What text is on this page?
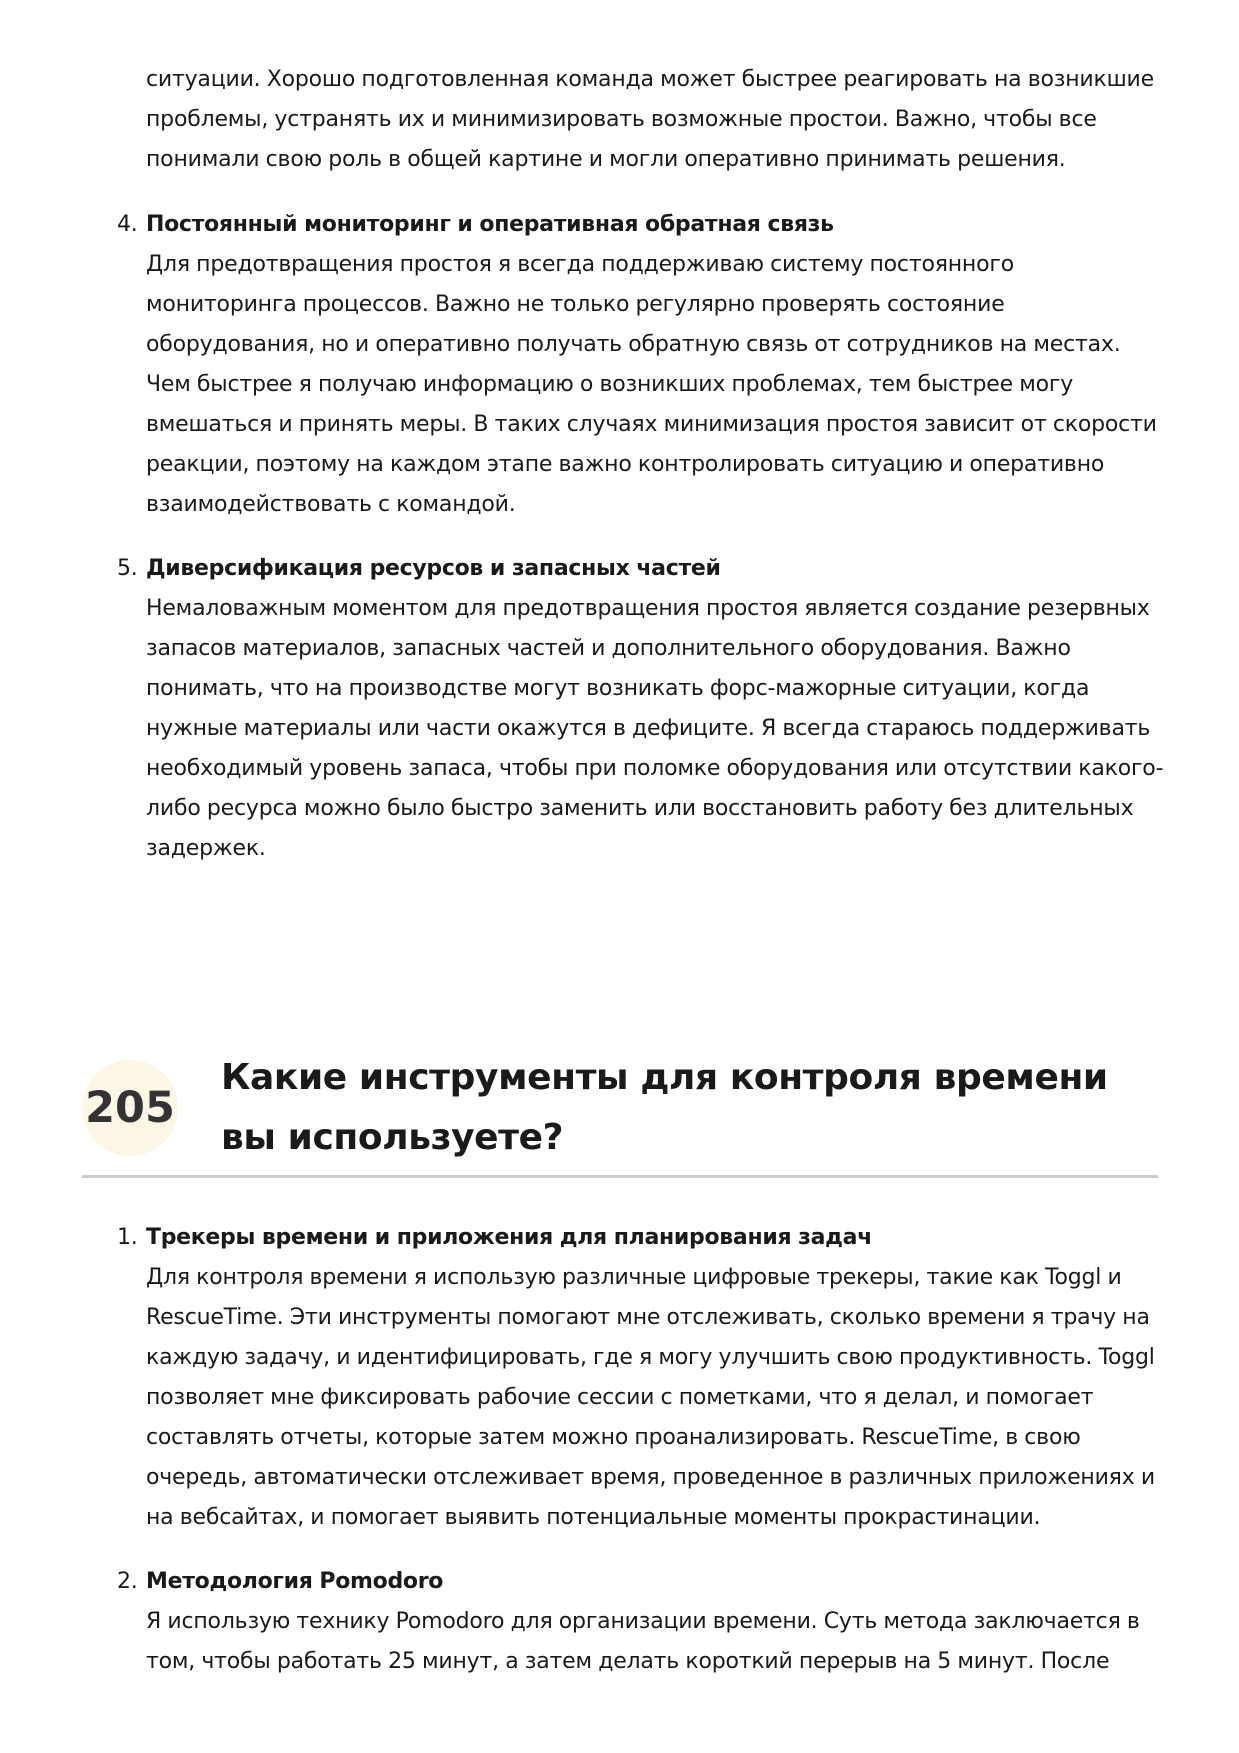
ситуации. Хорошо подготовленная команда может быстрее реагировать на возникшие проблемы, устранять их и минимизировать возможные простои. Важно, чтобы все понимали свою роль в общей картине и могли оперативно принимать решения.

4. Постоянный мониторинг и оперативная обратная связь

Для предотвращения простоя я всегда поддерживаю систему постоянного мониторинга процессов. Важно не только регулярно проверять состояние оборудования, но и оперативно получать обратную связь от сотрудников на местах. Чем быстрее я получаю информацию о возникших проблемах, тем быстрее могу вмешаться и принять меры. В таких случаях минимизация простоя зависит от скорости реакции, поэтому на каждом этапе важно контролировать ситуацию и оперативно взаимодействовать с командой.

5. Диверсификация ресурсов и запасных частей

Немаловажным моментом для предотвращения простоя является создание резервных запасов материалов, запасных частей и дополнительного оборудования. Важно понимать, что на производстве могут возникать форс-мажорные ситуации, когда нужные материалы или части окажутся в дефиците. Я всегда стараюсь поддерживать необходимый уровень запаса, чтобы при поломке оборудования или отсутствии какого-либо ресурса можно было быстро заменить или восстановить работу без длительных задержек.

205
Какие инструменты для контроля времени вы используете?
1. Трекеры времени и приложения для планирования задач

Для контроля времени я использую различные цифровые трекеры, такие как Toggl и RescueTime. Эти инструменты помогают мне отслеживать, сколько времени я трачу на каждую задачу, и идентифицировать, где я могу улучшить свою продуктивность. Toggl позволяет мне фиксировать рабочие сессии с пометками, что я делал, и помогает составлять отчеты, которые затем можно проанализировать. RescueTime, в свою очередь, автоматически отслеживает время, проведенное в различных приложениях и на вебсайтах, и помогает выявить потенциальные моменты прокрастинации.

2. Методология Pomodoro

Я использую технику Pomodoro для организации времени. Суть метода заключается в том, чтобы работать 25 минут, а затем делать короткий перерыв на 5 минут. После
